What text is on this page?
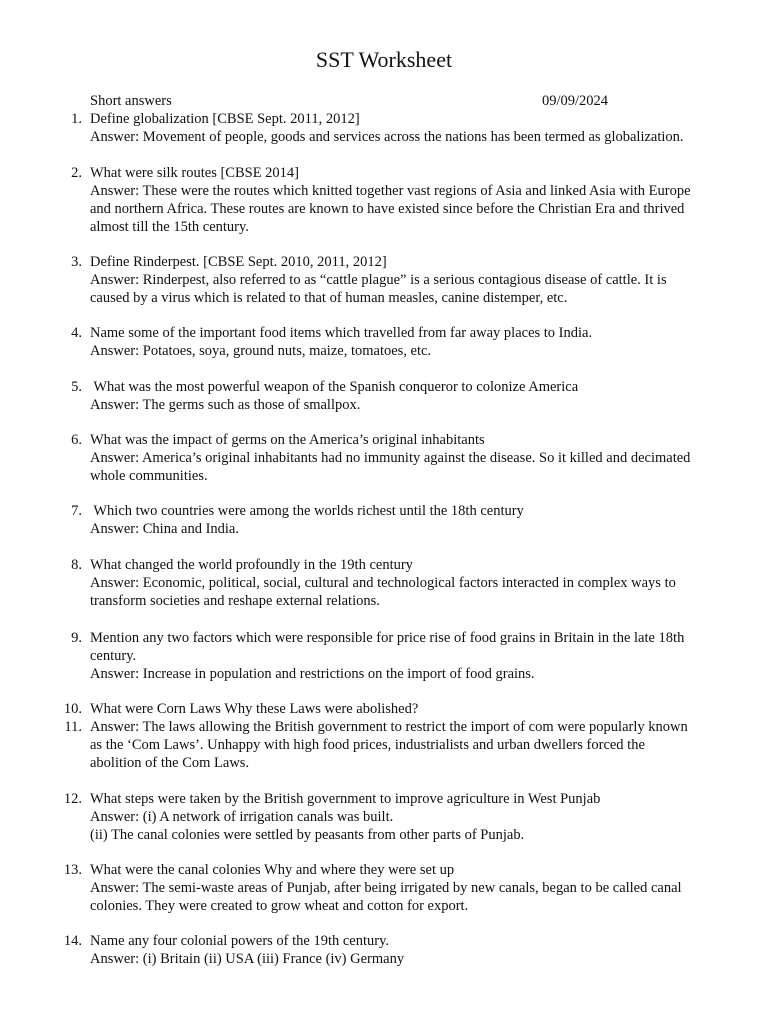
SST Worksheet
Short answers	09/09/2024
1. Define globalization [CBSE Sept. 2011, 2012]
Answer: Movement of people, goods and services across the nations has been termed as globalization.
2. What were silk routes [CBSE 2014]
Answer: These were the routes which knitted together vast regions of Asia and linked Asia with Europe
and northern Africa. These routes are known to have existed since before the Christian Era and thrived
almost till the 15th century.
3. Define Rinderpest. [CBSE Sept. 2010, 2011, 2012]
Answer: Rinderpest, also referred to as “cattle plague” is a serious contagious disease of cattle. It is
caused by a virus which is related to that of human measles, canine distemper, etc.
4. Name some of the important food items which travelled from far away places to India.
Answer: Potatoes, soya, ground nuts, maize, tomatoes, etc.
5. What was the most powerful weapon of the Spanish conqueror to colonize America
Answer: The germs such as those of smallpox.
6. What was the impact of germs on the America’s original inhabitants
Answer: America’s original inhabitants had no immunity against the disease. So it killed and decimated
whole communities.
7. Which two countries were among the worlds richest until the 18th century
Answer: China and India.
8. What changed the world profoundly in the 19th century
Answer: Economic, political, social, cultural and technological factors interacted in complex ways to
transform societies and reshape external relations.
9. Mention any two factors which were responsible for price rise of food grains in Britain in the late 18th
century.
Answer: Increase in population and restrictions on the import of food grains.
10. What were Corn Laws Why these Laws were abolished?
11. Answer: The laws allowing the British government to restrict the import of com were popularly known
as the ‘Com Laws’. Unhappy with high food prices, industrialists and urban dwellers forced the
abolition of the Com Laws.
12. What steps were taken by the British government to improve agriculture in West Punjab
Answer: (i) A network of irrigation canals was built.
(ii) The canal colonies were settled by peasants from other parts of Punjab.
13. What were the canal colonies Why and where they were set up
Answer: The semi-waste areas of Punjab, after being irrigated by new canals, began to be called canal
colonies. They were created to grow wheat and cotton for export.
14. Name any four colonial powers of the 19th century.
Answer: (i) Britain (ii) USA (iii) France (iv) Germany
